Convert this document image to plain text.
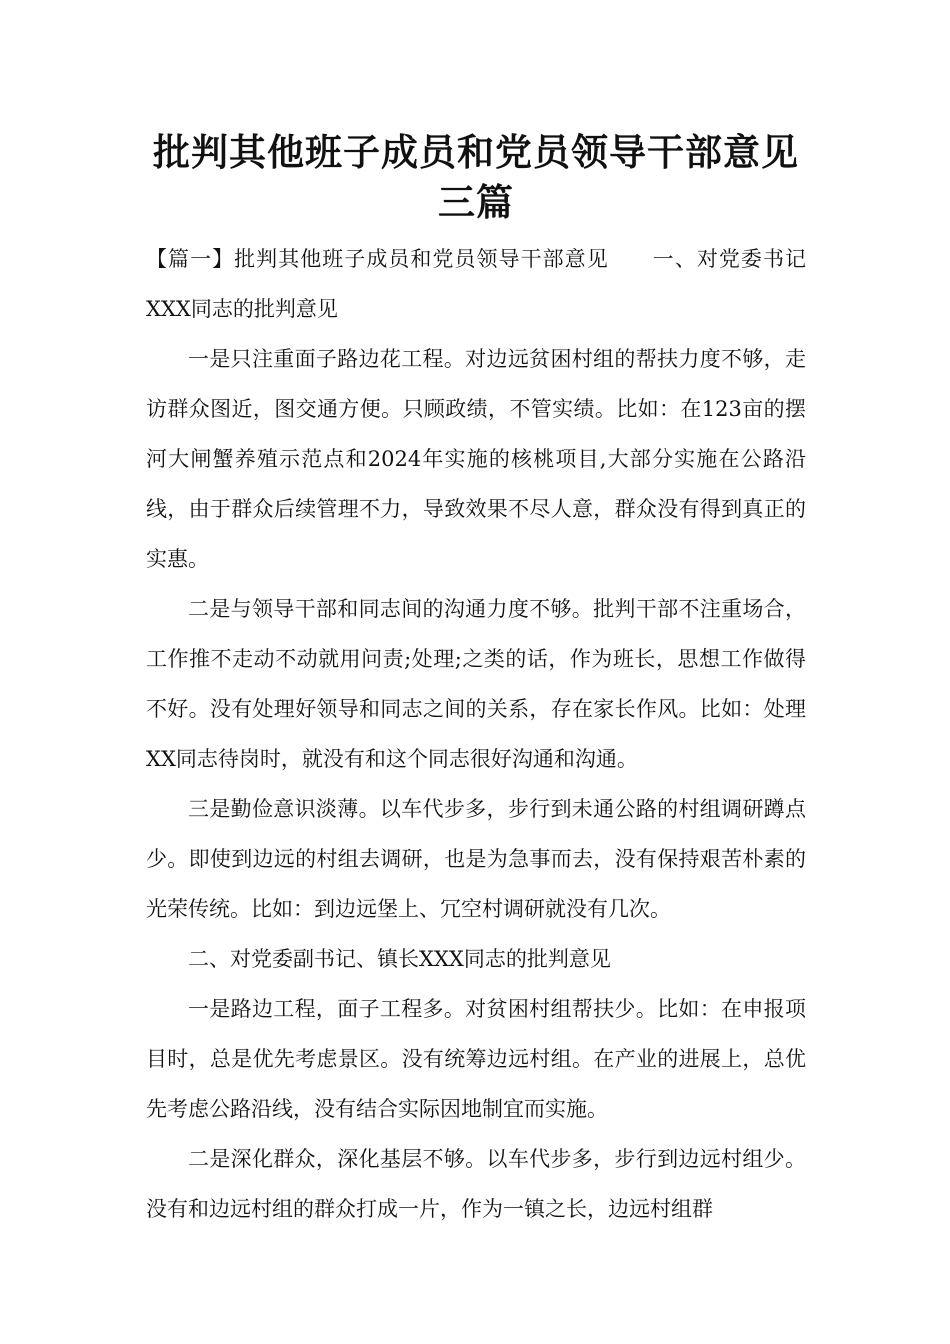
批判其他班子成员和党员领导干部意见
三篇

【篇一】批判其他班子成员和党员领导干部意见　　一、对党委书记XXX同志的批判意见

一是只注重面子路边花工程。对边远贫困村组的帮扶力度不够，走访群众图近，图交通方便。只顾政绩，不管实绩。比如：在123亩的摆河大闸蟹养殖示范点和2024年实施的核桃项目,大部分实施在公路沿线，由于群众后续管理不力，导致效果不尽人意，群众没有得到真正的实惠。

二是与领导干部和同志间的沟通力度不够。批判干部不注重场合，工作推不走动不动就用问责;处理;之类的话，作为班长，思想工作做得不好。没有处理好领导和同志之间的关系，存在家长作风。比如：处理XX同志待岗时，就没有和这个同志很好沟通和沟通。

三是勤俭意识淡薄。以车代步多，步行到未通公路的村组调研蹲点少。即使到边远的村组去调研，也是为急事而去，没有保持艰苦朴素的光荣传统。比如：到边远堡上、冗空村调研就没有几次。

二、对党委副书记、镇长XXX同志的批判意见

一是路边工程，面子工程多。对贫困村组帮扶少。比如：在申报项目时，总是优先考虑景区。没有统筹边远村组。在产业的进展上，总优先考虑公路沿线，没有结合实际因地制宜而实施。

二是深化群众，深化基层不够。以车代步多，步行到边远村组少。没有和边远村组的群众打成一片，作为一镇之长，边远村组群
